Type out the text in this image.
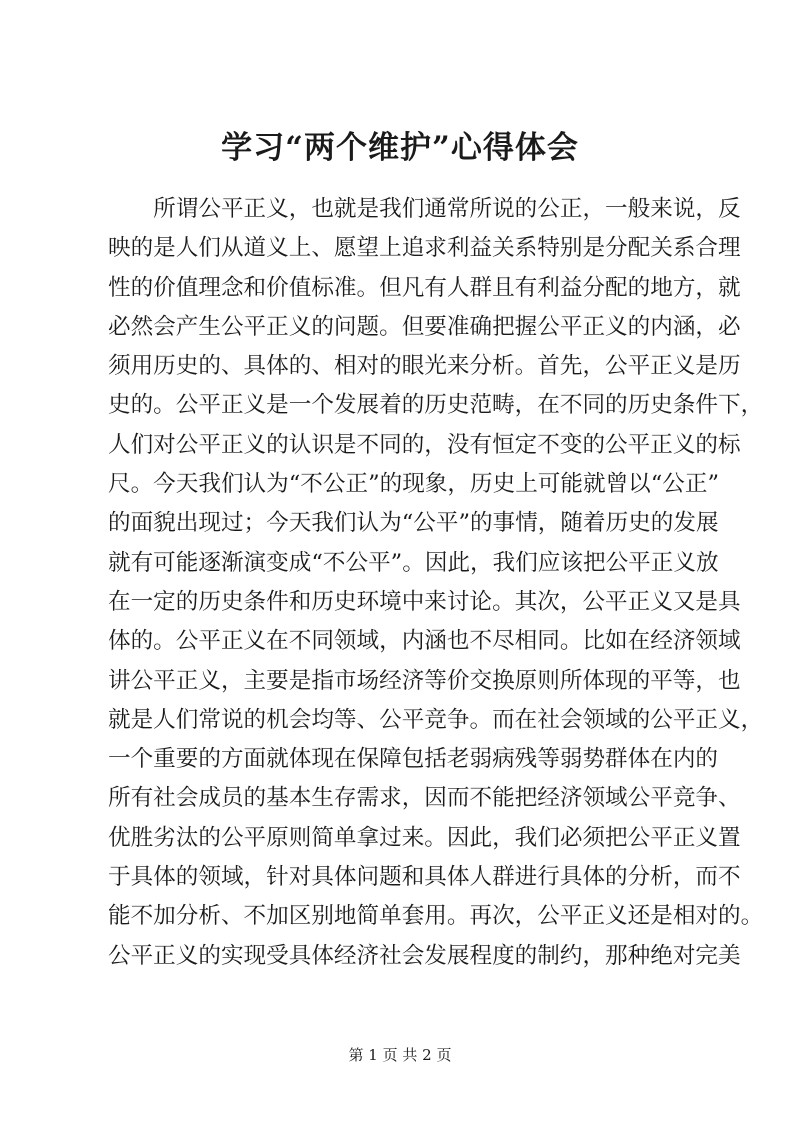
学习“两个维护”心得体会
　　所谓公平正义，也就是我们通常所说的公正，一般来说，反
映的是人们从道义上、愿望上追求利益关系特别是分配关系合理
性的价值理念和价值标准。但凡有人群且有利益分配的地方，就
必然会产生公平正义的问题。但要准确把握公平正义的内涵，必
须用历史的、具体的、相对的眼光来分析。首先，公平正义是历
史的。公平正义是一个发展着的历史范畴，在不同的历史条件下，
人们对公平正义的认识是不同的，没有恒定不变的公平正义的标
尺。今天我们认为“不公正”的现象，历史上可能就曾以“公正”
的面貌出现过；今天我们认为“公平”的事情，随着历史的发展
就有可能逐渐演变成“不公平”。因此，我们应该把公平正义放
在一定的历史条件和历史环境中来讨论。其次，公平正义又是具
体的。公平正义在不同领域，内涵也不尽相同。比如在经济领域
讲公平正义，主要是指市场经济等价交换原则所体现的平等，也
就是人们常说的机会均等、公平竞争。而在社会领域的公平正义，
一个重要的方面就体现在保障包括老弱病残等弱势群体在内的
所有社会成员的基本生存需求，因而不能把经济领域公平竞争、
优胜劣汰的公平原则简单拿过来。因此，我们必须把公平正义置
于具体的领域，针对具体问题和具体人群进行具体的分析，而不
能不加分析、不加区别地简单套用。再次，公平正义还是相对的。
公平正义的实现受具体经济社会发展程度的制约，那种绝对完美
第 1 页 共 2 页
